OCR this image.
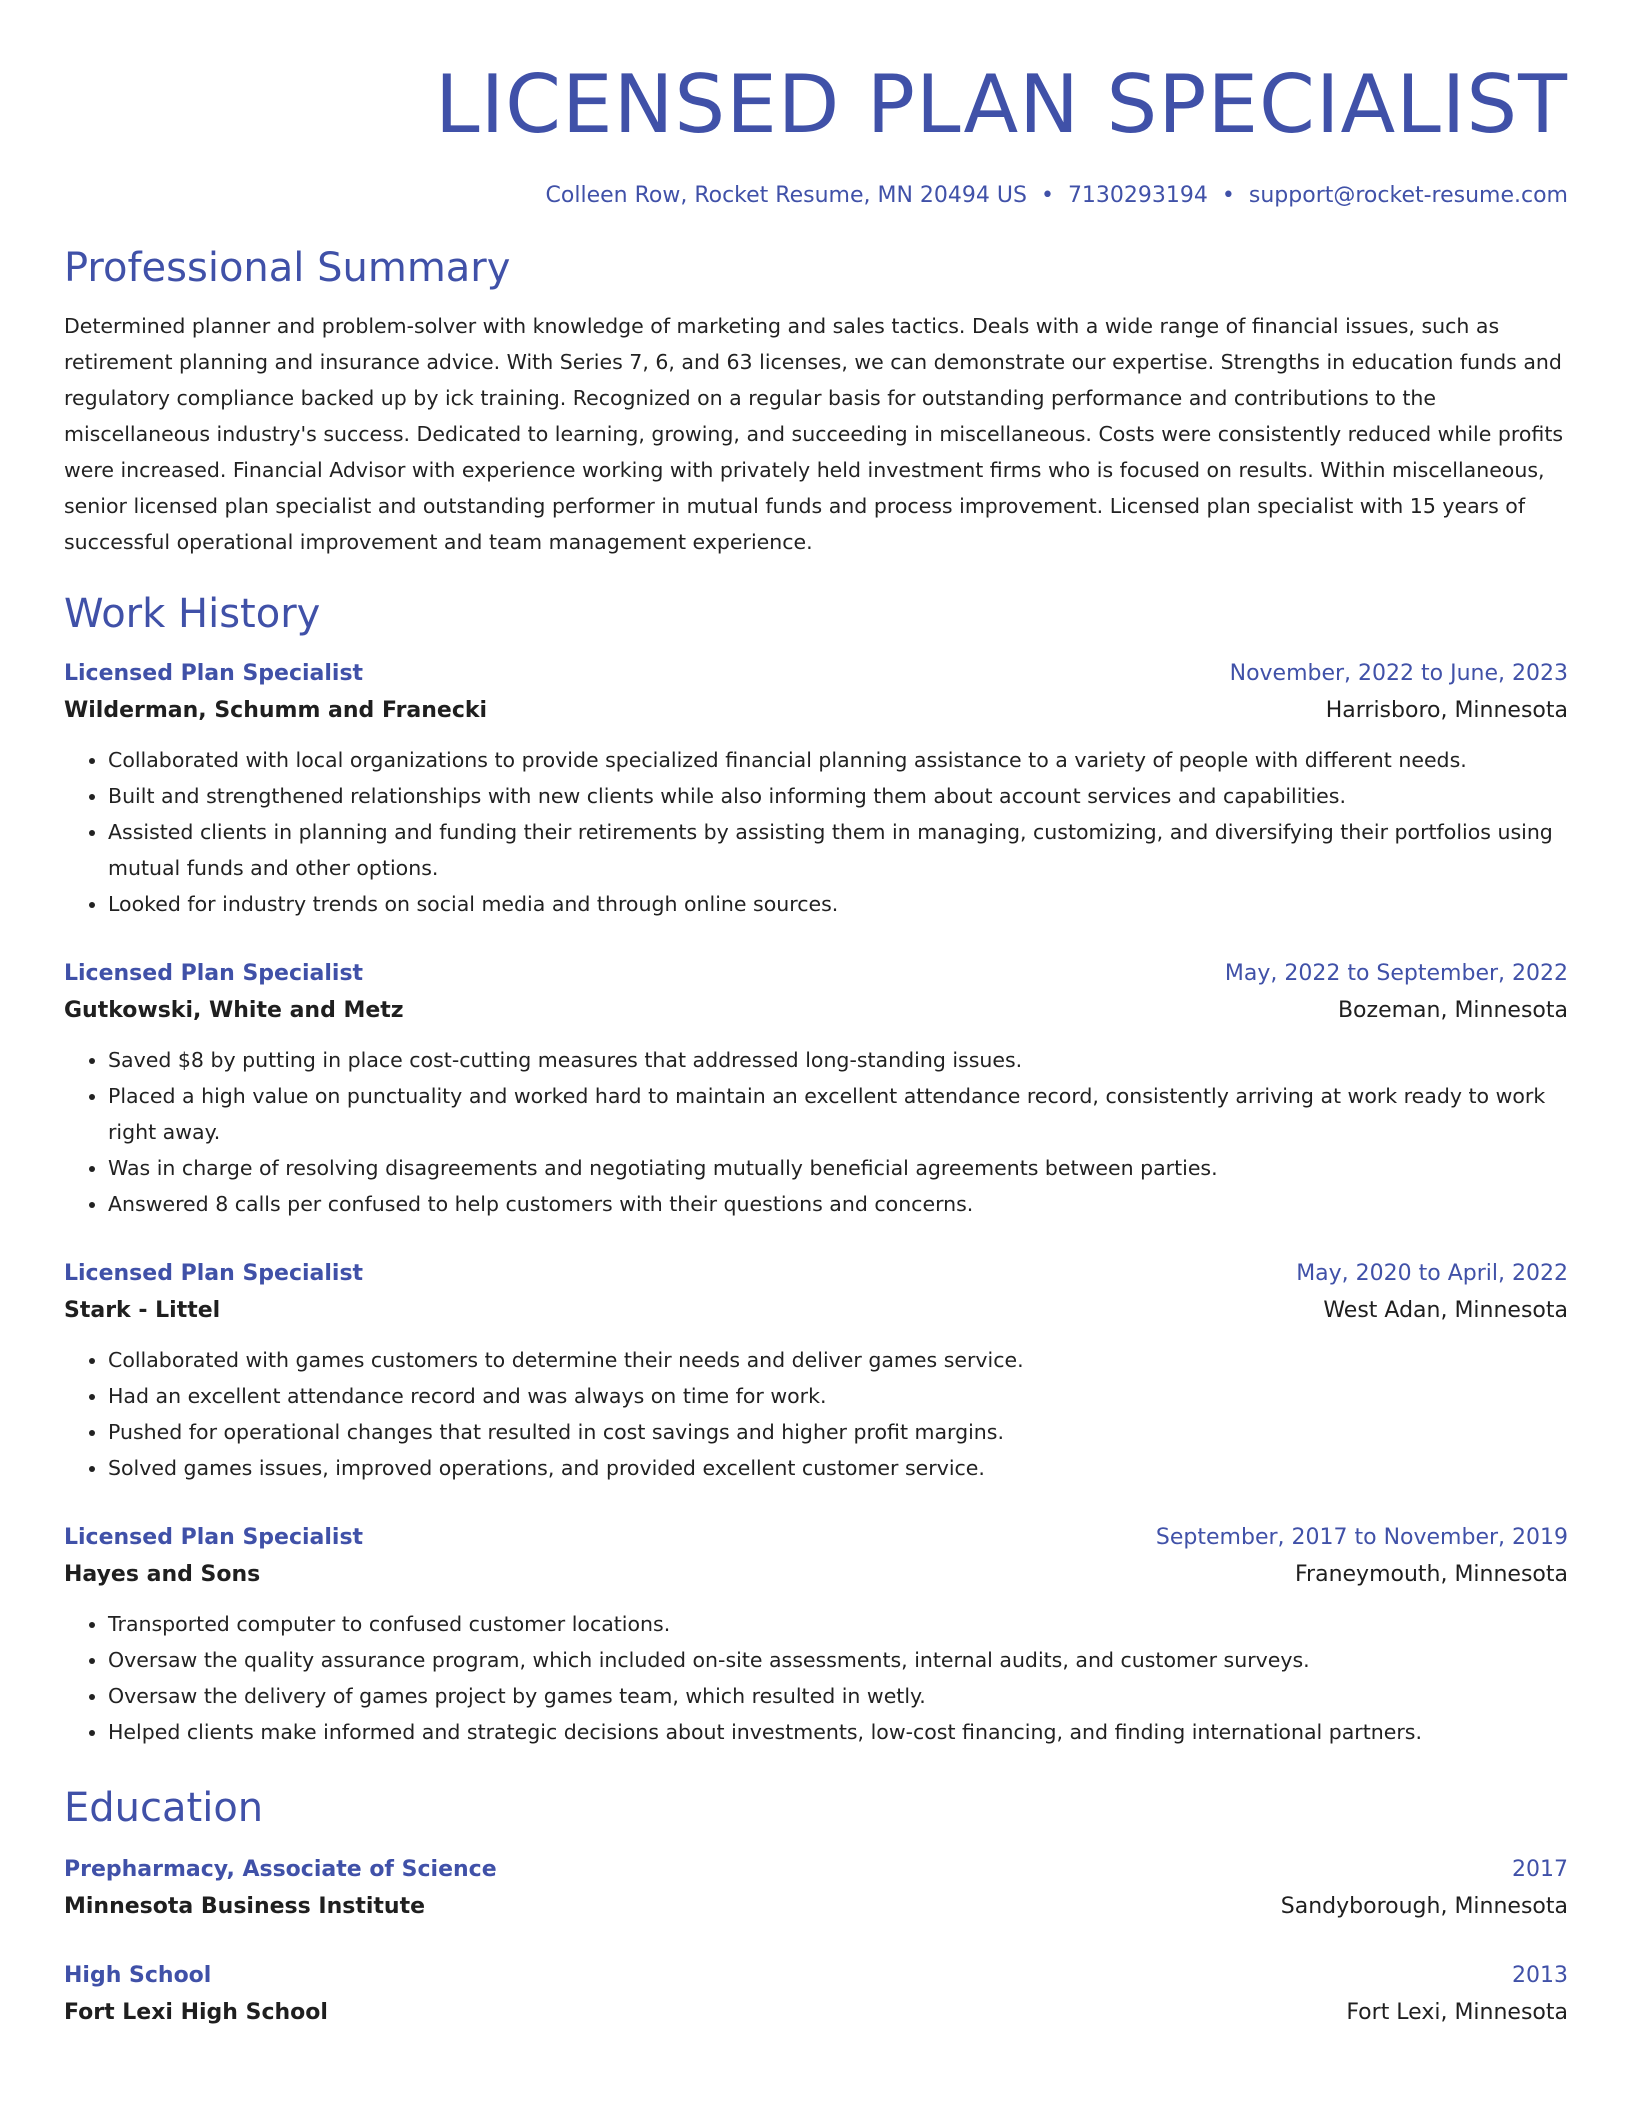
LICENSED PLAN SPECIALIST
Colleen Row, Rocket Resume, MN 20494 US • 7130293194 • support@rocket-resume.com
Professional Summary
Determined planner and problem-solver with knowledge of marketing and sales tactics. Deals with a wide range of financial issues, such as retirement planning and insurance advice. With Series 7, 6, and 63 licenses, we can demonstrate our expertise. Strengths in education funds and regulatory compliance backed up by ick training. Recognized on a regular basis for outstanding performance and contributions to the miscellaneous industry's success. Dedicated to learning, growing, and succeeding in miscellaneous. Costs were consistently reduced while profits were increased. Financial Advisor with experience working with privately held investment firms who is focused on results. Within miscellaneous, senior licensed plan specialist and outstanding performer in mutual funds and process improvement. Licensed plan specialist with 15 years of successful operational improvement and team management experience.
Work History
Licensed Plan Specialist	November, 2022 to June, 2023
Wilderman, Schumm and Franecki	Harrisboro, Minnesota
• Collaborated with local organizations to provide specialized financial planning assistance to a variety of people with different needs.
• Built and strengthened relationships with new clients while also informing them about account services and capabilities.
• Assisted clients in planning and funding their retirements by assisting them in managing, customizing, and diversifying their portfolios using mutual funds and other options.
• Looked for industry trends on social media and through online sources.
Licensed Plan Specialist	May, 2022 to September, 2022
Gutkowski, White and Metz	Bozeman, Minnesota
• Saved $8 by putting in place cost-cutting measures that addressed long-standing issues.
• Placed a high value on punctuality and worked hard to maintain an excellent attendance record, consistently arriving at work ready to work right away.
• Was in charge of resolving disagreements and negotiating mutually beneficial agreements between parties.
• Answered 8 calls per confused to help customers with their questions and concerns.
Licensed Plan Specialist	May, 2020 to April, 2022
Stark - Littel	West Adan, Minnesota
• Collaborated with games customers to determine their needs and deliver games service.
• Had an excellent attendance record and was always on time for work.
• Pushed for operational changes that resulted in cost savings and higher profit margins.
• Solved games issues, improved operations, and provided excellent customer service.
Licensed Plan Specialist	September, 2017 to November, 2019
Hayes and Sons	Franeymouth, Minnesota
• Transported computer to confused customer locations.
• Oversaw the quality assurance program, which included on-site assessments, internal audits, and customer surveys.
• Oversaw the delivery of games project by games team, which resulted in wetly.
• Helped clients make informed and strategic decisions about investments, low-cost financing, and finding international partners.
Education
Prepharmacy, Associate of Science	2017
Minnesota Business Institute	Sandyborough, Minnesota
High School	2013
Fort Lexi High School	Fort Lexi, Minnesota
